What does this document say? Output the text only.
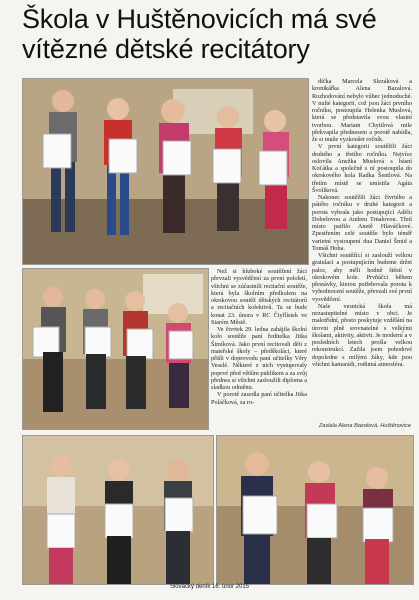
Škola v Huštěnovicích má své vítězné dětské recitátory

dička Marcela Slezáková a kronikářka Alena Bazalová. Rozhodování nebylo vůbec jednoduché. V nulté kategorii, což jsou žáci prvního ročníku, postoupila Helenka Muslová, která se představila svou vlastní tvorbou. Mariam Chytilová mile překvapila přednesem a porotě nabídla, že si muže vyzkoušet ročník.

V první kategorii soutěžili žáci druhého a třetího ročníku. Nejvíce oslovila Anežka Muslová s básní Koťátka a společně s ní postoupila do okrskového kola Radka Šentlová. Na třetím místě se umístila Agáta Švolíková.

Nakonec soutěžili žáci čtvrtého a pátého ročníku v druhé kategorii a porota vybrala jako postupující Adélu Dobešovou a Andreu Trnalovou. Třetí místo patřilo Anetě Hlaváčkové. Zpestřením celé soutěže bylo téměř varietní vystoupení dua Daniel Šmid a Tomáš Hoba.

Všichni soutěžící si zaslouží velkou gratulaci a postupujícím budeme držet palce, aby měli hodně štěstí v okrskovém kole. Prvňáčci během přestávky, kterou potřebovala porota k vyhodnocení soutěže, převzali své první vysvědčení.

Naše vesnická škola má nezastupitelné místo v obci. Je malotřídní, přesto poskytuje vzdělání na úrovni plně srovnatelné s velkými školami, aktivity, aktivit. Je moderní a v posledních letech prošla velkou rekonstrukcí. Zažila jsem pohodové dopoledne s milými žáky, kde jsou všichni kamarádi, rodinná atmosféra.

Než si hluboké soutěžení žáci převzali vysvědčení za první pololetí, všichni se zúčastnili recitační soutěže, která byla školním předkolem na okrskovou soutěž dětských recitátorů a recitačních kolektivů. Ta se bude konat 23. února v RC Čtyřlístek ve Starém Městě.

Ve čtvrtek 29. ledna zahájila školní kolo soutěže paní ředitelka Jitka Šimíková. Jako první recitovali děti z mateřské školy – předškoláci, které přišli v doprovodu paní učitelky Věry Veselé. Některé z nich vystupovaly poprvé před větším publikem a za svůj přednes si všichni zasloužili diploma a sladkou odměnu.

V porotě zasedla paní učitelka Jitka Poláčková, za ro-

Zaslala Alena Bazalová, Huštěnovice
Slovácký deník 16. únor 2015
